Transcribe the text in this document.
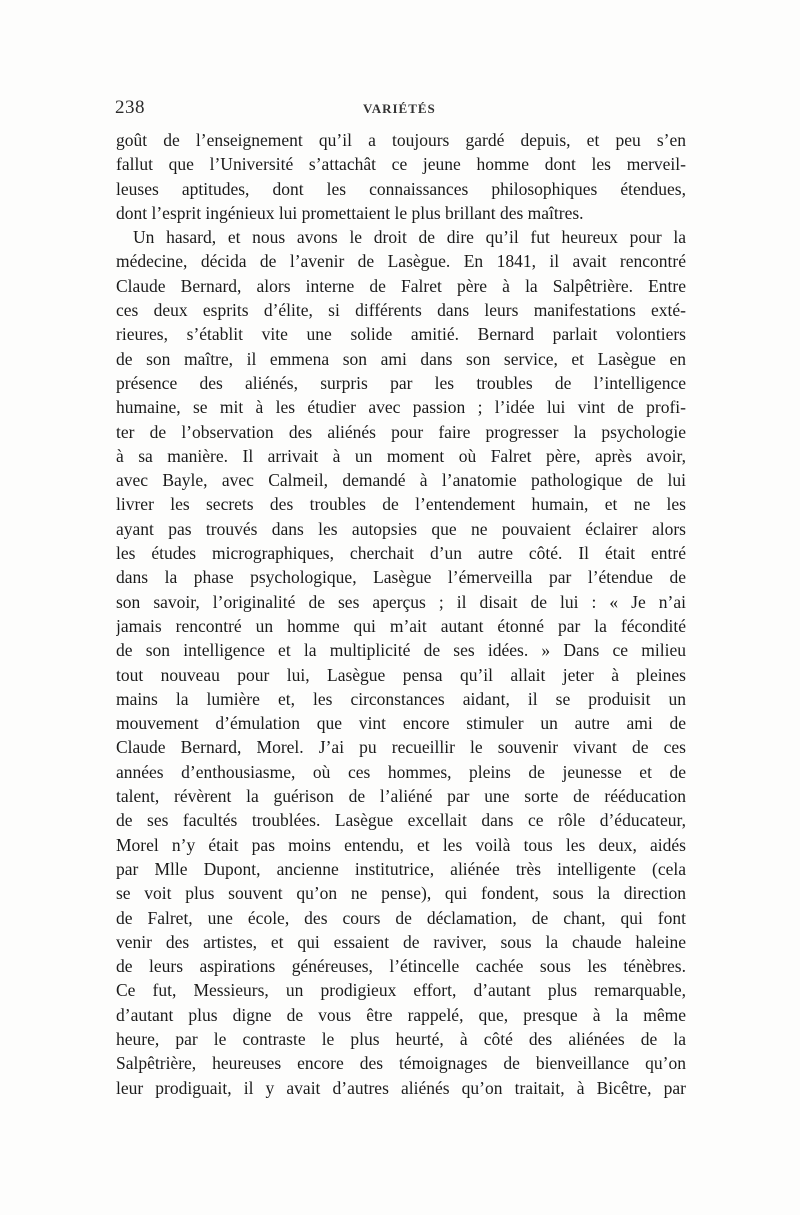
238	VARIÉTÉS
goût de l’enseignement qu’il a toujours gardé depuis, et peu s’en
fallut que l’Université s’attachât ce jeune homme dont les merveil-
leuses aptitudes, dont les connaissances philosophiques étendues,
dont l’esprit ingénieux lui promettaient le plus brillant des maîtres.
Un hasard, et nous avons le droit de dire qu’il fut heureux pour la
médecine, décida de l’avenir de Lasègue. En 1841, il avait rencontré
Claude Bernard, alors interne de Falret père à la Salpêtrière. Entre
ces deux esprits d’élite, si différents dans leurs manifestations exté-
rieures, s’établit vite une solide amitié. Bernard parlait volontiers
de son maître, il emmena son ami dans son service, et Lasègue en
présence des aliénés, surpris par les troubles de l’intelligence
humaine, se mit à les étudier avec passion ; l’idée lui vint de profi-
ter de l’observation des aliénés pour faire progresser la psychologie
à sa manière. Il arrivait à un moment où Falret père, après avoir,
avec Bayle, avec Calmeil, demandé à l’anatomie pathologique de lui
livrer les secrets des troubles de l’entendement humain, et ne les
ayant pas trouvés dans les autopsies que ne pouvaient éclairer alors
les études micrographiques, cherchait d’un autre côté. Il était entré
dans la phase psychologique, Lasègue l’émerveilla par l’étendue de
son savoir, l’originalité de ses aperçus ; il disait de lui : « Je n’ai
jamais rencontré un homme qui m’ait autant étonné par la fécondité
de son intelligence et la multiplicité de ses idées. » Dans ce milieu
tout nouveau pour lui, Lasègue pensa qu’il allait jeter à pleines
mains la lumière et, les circonstances aidant, il se produisit un
mouvement d’émulation que vint encore stimuler un autre ami de
Claude Bernard, Morel. J’ai pu recueillir le souvenir vivant de ces
années d’enthousiasme, où ces hommes, pleins de jeunesse et de
talent, révèrent la guérison de l’aliéné par une sorte de rééducation
de ses facultés troublées. Lasègue excellait dans ce rôle d’éducateur,
Morel n’y était pas moins entendu, et les voilà tous les deux, aidés
par Mlle Dupont, ancienne institutrice, aliénée très intelligente (cela
se voit plus souvent qu’on ne pense), qui fondent, sous la direction
de Falret, une école, des cours de déclamation, de chant, qui font
venir des artistes, et qui essaient de raviver, sous la chaude haleine
de leurs aspirations généreuses, l’étincelle cachée sous les ténèbres.
Ce fut, Messieurs, un prodigieux effort, d’autant plus remarquable,
d’autant plus digne de vous être rappelé, que, presque à la même
heure, par le contraste le plus heurté, à côté des aliénées de la
Salpêtrière, heureuses encore des témoignages de bienveillance qu’on
leur prodiguait, il y avait d’autres aliénés qu’on traitait, à Bicêtre, par
